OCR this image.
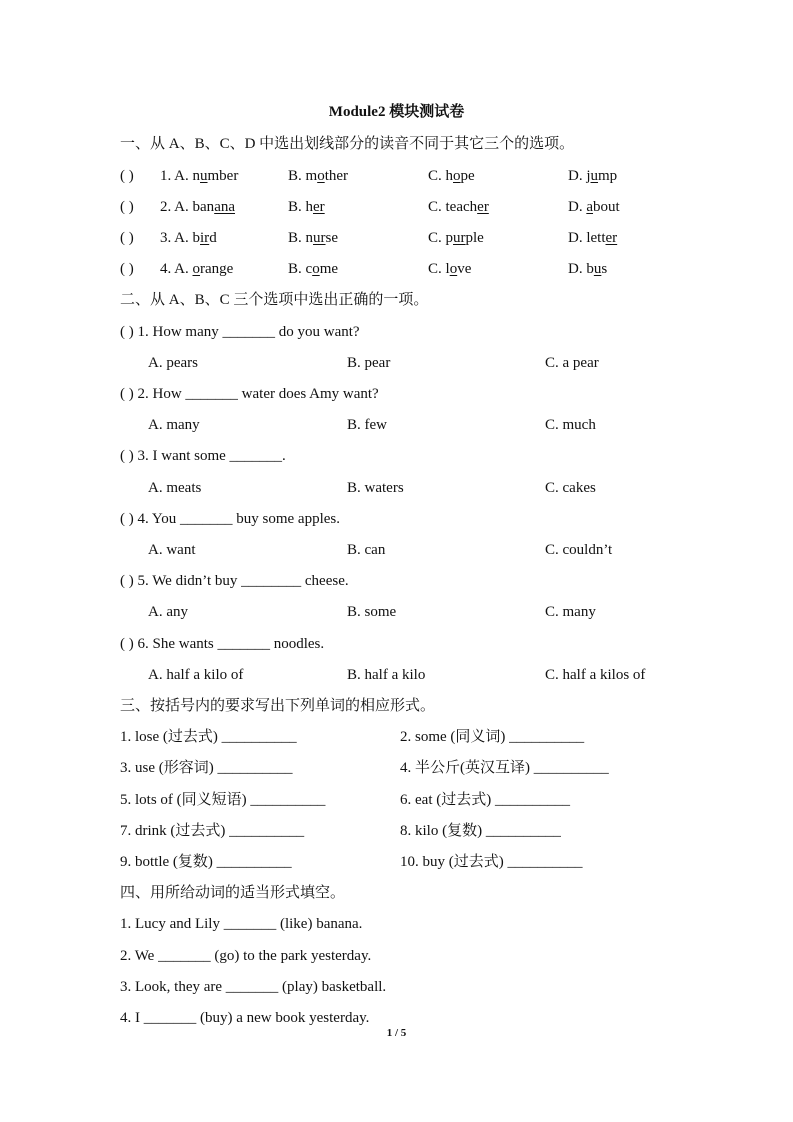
Module2 模块测试卷
一、从 A、B、C、D 中选出划线部分的读音不同于其它三个的选项。
( ) 1. A. number	B. mother	C. hope	D. jump
( ) 2. A. banana	B. her	C. teacher	D. about
( ) 3. A. bird	B. nurse	C. purple	D. letter
( ) 4. A. orange	B. come	C. love	D. bus
二、从 A、B、C 三个选项中选出正确的一项。
( ) 1. How many _______ do you want?
A. pears	B. pear	C. a pear
( ) 2. How _______ water does Amy want?
A. many	B. few	C. much
( ) 3. I want some _______.
A. meats	B. waters	C. cakes
( ) 4. You _______ buy some apples.
A. want	B. can	C. couldn’t
( ) 5. We didn’t buy ________ cheese.
A. any	B. some	C. many
( ) 6. She wants _______ noodles.
A. half a kilo of	B. half a kilo	C. half a kilos of
三、按括号内的要求写出下列单词的相应形式。
1. lose (过去式) __________	2. some (同义词) __________
3. use (形容词) __________	4. 半公斤(英汉互译) __________
5. lots of (同义短语) __________	6. eat (过去式) __________
7. drink (过去式) __________	8. kilo (复数) __________
9. bottle (复数) __________	10. buy (过去式) __________
四、用所给动词的适当形式填空。
1. Lucy and Lily _______ (like) banana.
2. We _______ (go) to the park yesterday.
3. Look, they are _______ (play) basketball.
4. I _______ (buy) a new book yesterday.
1 / 5
